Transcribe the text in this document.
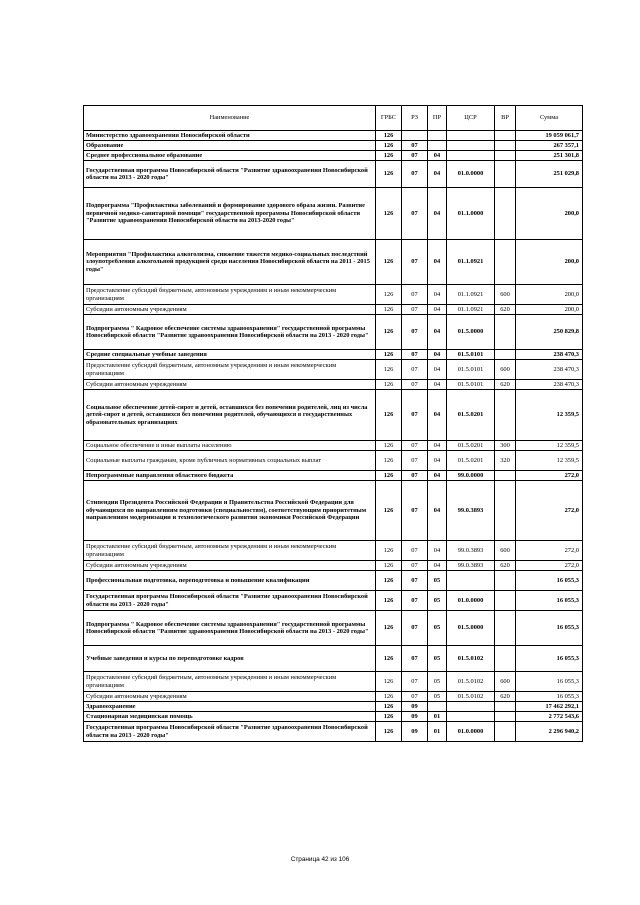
Наименование	ГРБС	РЗ	ПР	ЦСР	ВР	Сумма
Министерство здравоохранения Новосибирской области	126					19 059 061,7
Образование	126	07				267 357,1
Среднее профессиональное образование	126	07	04			251 301,8
Государственная программа Новосибирской области "Развитие здравоохранения Новосибирской области на 2013 - 2020 годы"	126	07	04	01.0.0000		251 029,8
Подпрограмма "Профилактика заболеваний и формирование здорового образа жизни. Развитие первичной медико-санитарной помощи" государственной программы Новосибирской области "Развитие здравоохранения Новосибирской области на 2013-2020 годы"	126	07	04	01.1.0000		200,0
Мероприятия "Профилактика алкоголизма, снижение тяжести медико-социальных последствий злоупотребления алкогольной продукцией среди населения Новосибирской области на 2011 - 2015 годы"	126	07	04	01.1.0921		200,0
Предоставление субсидий бюджетным, автономным учреждениям и иным некоммерческим организациям	126	07	04	01.1.0921	600	200,0
Субсидии автономным учреждениям	126	07	04	01.1.0921	620	200,0
Подпрограмма " Кадровое обеспечение системы здравоохранения" государственной программы Новосибирской области "Развитие здравоохранения Новосибирской области на 2013 - 2020 годы"	126	07	04	01.5.0000		250 829,8
Средние специальные учебные заведения	126	07	04	01.5.0101		238 470,3
Предоставление субсидий бюджетным, автономным учреждениям и иным некоммерческим организациям	126	07	04	01.5.0101	600	238 470,3
Субсидии автономным учреждениям	126	07	04	01.5.0101	620	238 470,3
Социальное обеспечение детей-сирот и детей, оставшихся без попечения родителей, лиц из числа детей-сирот и детей, оставшихся без попечения родителей, обучающихся в государственных образовательных организациях	126	07	04	01.5.0201		12 359,5
Социальное обеспечение и иные выплаты населению	126	07	04	01.5.0201	300	12 359,5
Социальные выплаты гражданам, кроме публичных нормативных социальных выплат	126	07	04	01.5.0201	320	12 359,5
Непрограммные направления областного бюджета	126	07	04	99.0.0000		272,0
Стипендии Президента Российской Федерации и Правительства Российской Федерации для обучающихся по направлениям подготовки (специальностям), соответствующим приоритетным направлениям модернизации и технологического развития экономики Российской Федерации	126	07	04	99.0.3893		272,0
Предоставление субсидий бюджетным, автономным учреждениям и иным некоммерческим организациям	126	07	04	99.0.3893	600	272,0
Субсидии автономным учреждениям	126	07	04	99.0.3893	620	272,0
Профессиональная подготовка, переподготовка и повышение квалификации	126	07	05			16 055,3
Государственная программа Новосибирской области "Развитие здравоохранения Новосибирской области на 2013 - 2020 годы"	126	07	05	01.0.0000		16 055,3
Подпрограмма " Кадровое обеспечение системы здравоохранения" государственной программы Новосибирской области "Развитие здравоохранения Новосибирской области на 2013 - 2020 годы"	126	07	05	01.5.0000		16 055,3
Учебные заведения и курсы по переподготовке кадров	126	07	05	01.5.0102		16 055,3
Предоставление субсидий бюджетным, автономным учреждениям и иным некоммерческим организациям	126	07	05	01.5.0102	600	16 055,3
Субсидии автономным учреждениям	126	07	05	01.5.0102	620	16 055,3
Здравоохранение	126	09				17 462 292,1
Стационарная медицинская помощь	126	09	01			2 772 543,6
Государственная программа Новосибирской области "Развитие здравоохранения Новосибирской области на 2013 - 2020 годы"	126	09	01	01.0.0000		2 296 940,2
Страница 42 из 106
